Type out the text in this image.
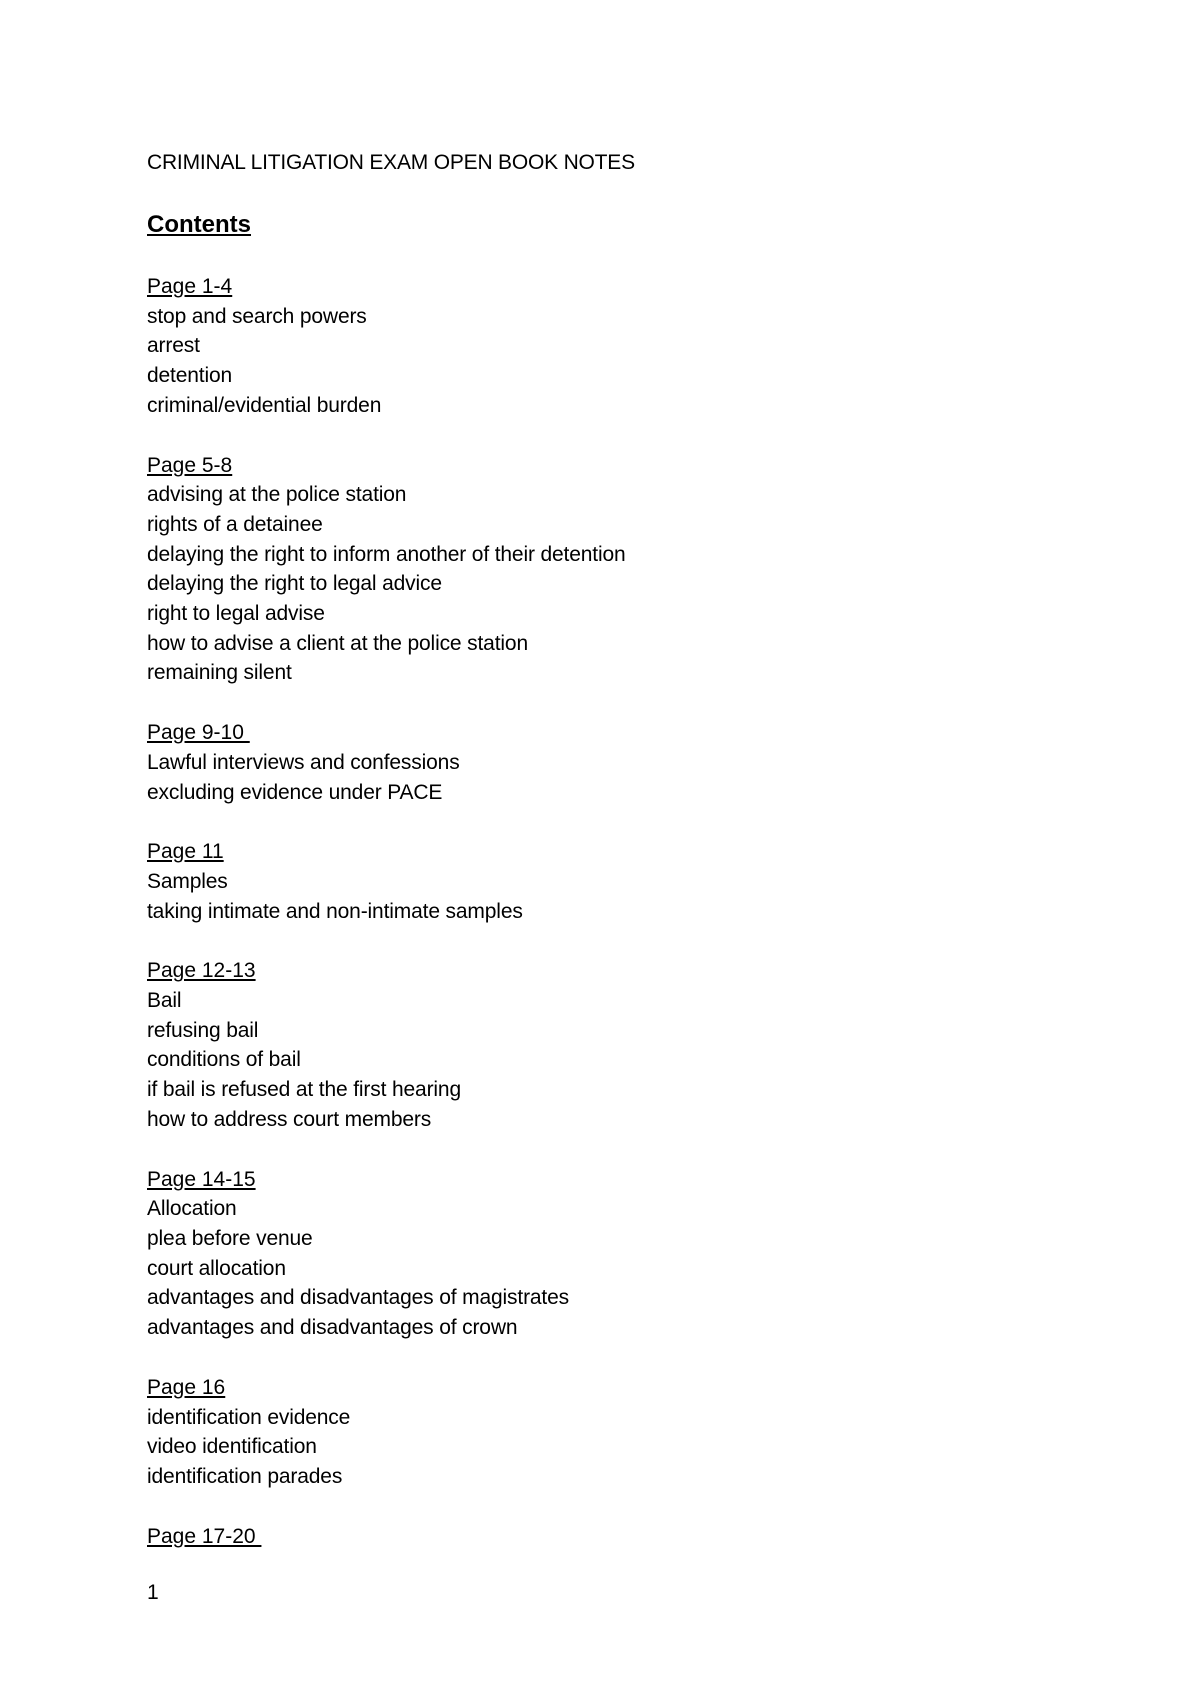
CRIMINAL LITIGATION EXAM OPEN BOOK NOTES
Contents
Page 1-4
stop and search powers
arrest
detention
criminal/evidential burden
Page 5-8
advising at the police station
rights of a detainee
delaying the right to inform another of their detention
delaying the right to legal advice
right to legal advise
how to advise a client at the police station
remaining silent
Page 9-10
Lawful interviews and confessions
excluding evidence under PACE
Page 11
Samples
taking intimate and non-intimate samples
Page 12-13
Bail
refusing bail
conditions of bail
if bail is refused at the first hearing
how to address court members
Page 14-15
Allocation
plea before venue
court allocation
advantages and disadvantages of magistrates
advantages and disadvantages of crown
Page 16
identification evidence
video identification
identification parades
Page 17-20
1
